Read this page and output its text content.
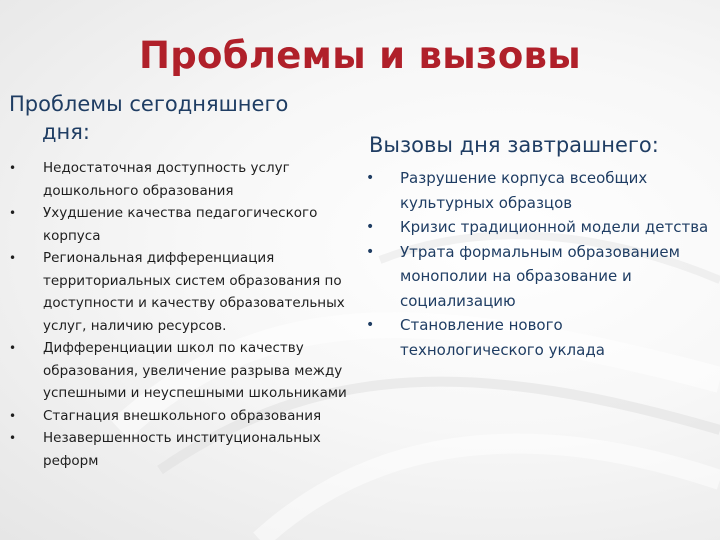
Проблемы и вызовы
Проблемы сегодняшнего
дня:
• Недостаточная доступность услуг дошкольного образования
• Ухудшение качества педагогического корпуса
• Региональная дифференциация территориальных систем образования по доступности и качеству образовательных услуг, наличию ресурсов.
• Дифференциации школ по качеству образования, увеличение разрыва между успешными и неуспешными школьниками
• Стагнация внешкольного образования
• Незавершенность институциональных реформ
Вызовы дня завтрашнего:
• Разрушение корпуса всеобщих культурных образцов
• Кризис традиционной модели детства
• Утрата формальным образованием монополии на образование и социализацию
• Становление нового технологического уклада
